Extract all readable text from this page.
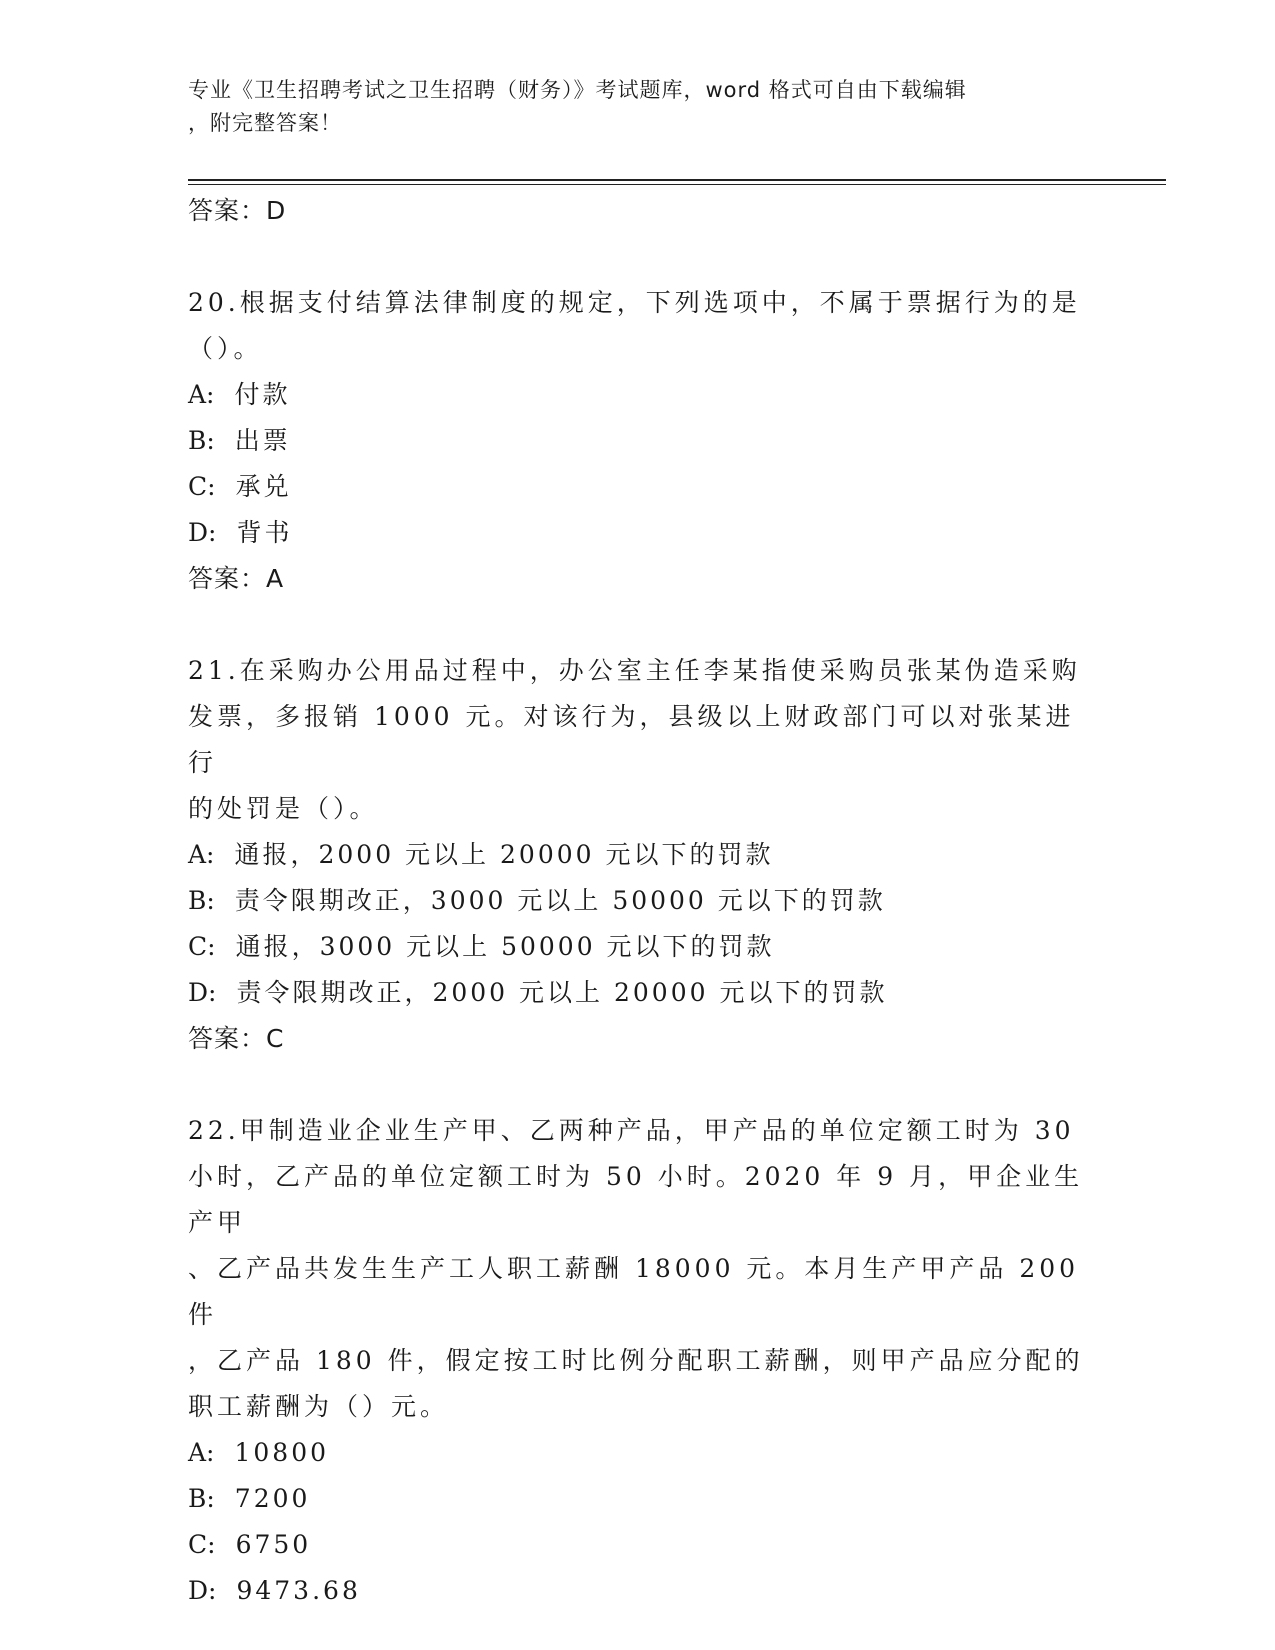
专业《卫生招聘考试之卫生招聘（财务）》考试题库，word 格式可自由下载编辑
，附完整答案！
答案：D
20.根据支付结算法律制度的规定，下列选项中，不属于票据行为的是
（）。
A: 付款
B: 出票
C: 承兑
D: 背书
答案：A
21.在采购办公用品过程中，办公室主任李某指使采购员张某伪造采购
发票，多报销 1000 元。对该行为，县级以上财政部门可以对张某进行
的处罚是（）。
A: 通报，2000 元以上 20000 元以下的罚款
B: 责令限期改正，3000 元以上 50000 元以下的罚款
C: 通报，3000 元以上 50000 元以下的罚款
D: 责令限期改正，2000 元以上 20000 元以下的罚款
答案：C
22.甲制造业企业生产甲、乙两种产品，甲产品的单位定额工时为 30
小时，乙产品的单位定额工时为 50 小时。2020 年 9 月，甲企业生产甲
、乙产品共发生生产工人职工薪酬 18000 元。本月生产甲产品 200 件
，乙产品 180 件，假定按工时比例分配职工薪酬，则甲产品应分配的
职工薪酬为（）元。
A: 10800
B: 7200
C: 6750
D: 9473.68
